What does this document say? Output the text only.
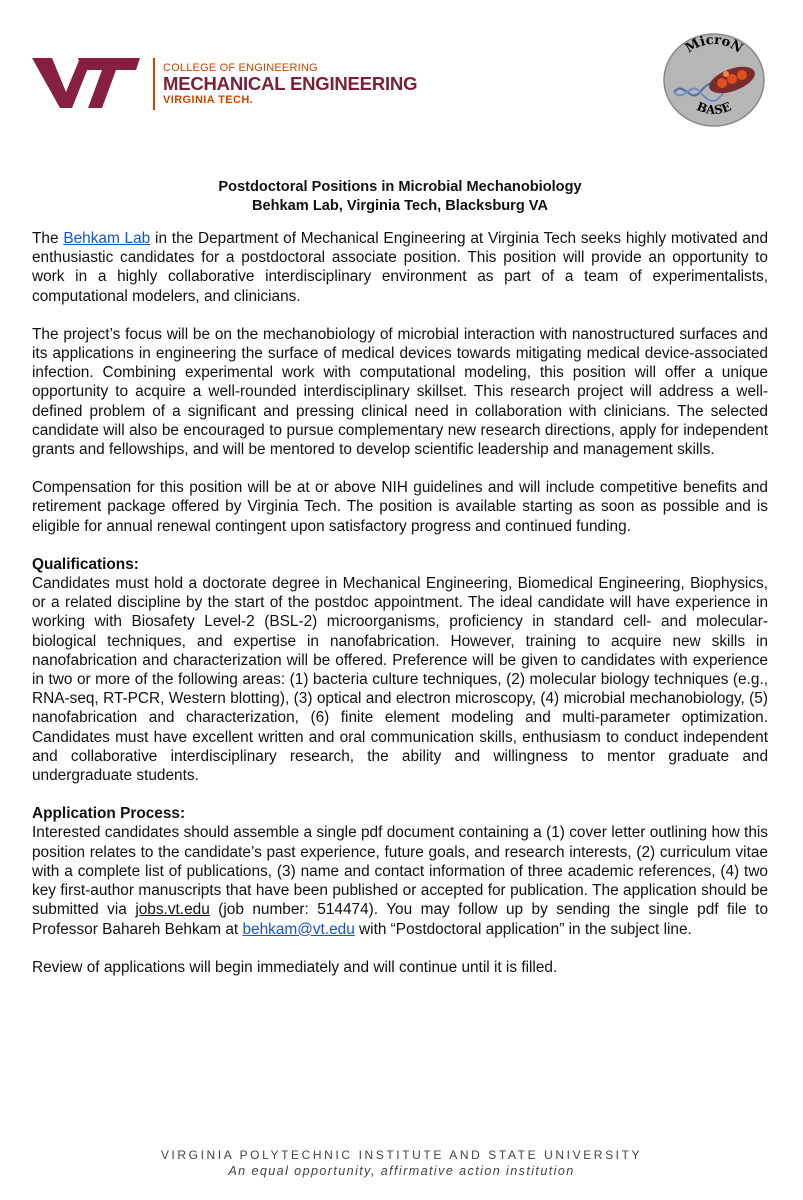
COLLEGE OF ENGINEERING
MECHANICAL ENGINEERING
VIRGINIA TECH.
MicroN
BASE
Postdoctoral Positions in Microbial Mechanobiology
Behkam Lab, Virginia Tech, Blacksburg VA

The Behkam Lab in the Department of Mechanical Engineering at Virginia Tech seeks highly motivated and enthusiastic candidates for a postdoctoral associate position. This position will provide an opportunity to work in a highly collaborative interdisciplinary environment as part of a team of experimentalists, computational modelers, and clinicians.

The project’s focus will be on the mechanobiology of microbial interaction with nanostructured surfaces and its applications in engineering the surface of medical devices towards mitigating medical device-associated infection. Combining experimental work with computational modeling, this position will offer a unique opportunity to acquire a well-rounded interdisciplinary skillset. This research project will address a well-defined problem of a significant and pressing clinical need in collaboration with clinicians. The selected candidate will also be encouraged to pursue complementary new research directions, apply for independent grants and fellowships, and will be mentored to develop scientific leadership and management skills.

Compensation for this position will be at or above NIH guidelines and will include competitive benefits and retirement package offered by Virginia Tech. The position is available starting as soon as possible and is eligible for annual renewal contingent upon satisfactory progress and continued funding.

Qualifications:

Candidates must hold a doctorate degree in Mechanical Engineering, Biomedical Engineering, Biophysics, or a related discipline by the start of the postdoc appointment. The ideal candidate will have experience in working with Biosafety Level-2 (BSL-2) microorganisms, proficiency in standard cell- and molecular-biological techniques, and expertise in nanofabrication. However, training to acquire new skills in nanofabrication and characterization will be offered. Preference will be given to candidates with experience in two or more of the following areas: (1) bacteria culture techniques, (2) molecular biology techniques (e.g., RNA-seq, RT-PCR, Western blotting), (3) optical and electron microscopy, (4) microbial mechanobiology, (5) nanofabrication and characterization, (6) finite element modeling and multi-parameter optimization. Candidates must have excellent written and oral communication skills, enthusiasm to conduct independent and collaborative interdisciplinary research, the ability and willingness to mentor graduate and undergraduate students.

Application Process:

Interested candidates should assemble a single pdf document containing a (1) cover letter outlining how this position relates to the candidate’s past experience, future goals, and research interests, (2) curriculum vitae with a complete list of publications, (3) name and contact information of three academic references, (4) two key first-author manuscripts that have been published or accepted for publication. The application should be submitted via jobs.vt.edu (job number: 514474). You may follow up by sending the single pdf file to Professor Bahareh Behkam at behkam@vt.edu with “Postdoctoral application” in the subject line.

Review of applications will begin immediately and will continue until it is filled.

VIRGINIA POLYTECHNIC INSTITUTE AND STATE UNIVERSITY
An equal opportunity, affirmative action institution
